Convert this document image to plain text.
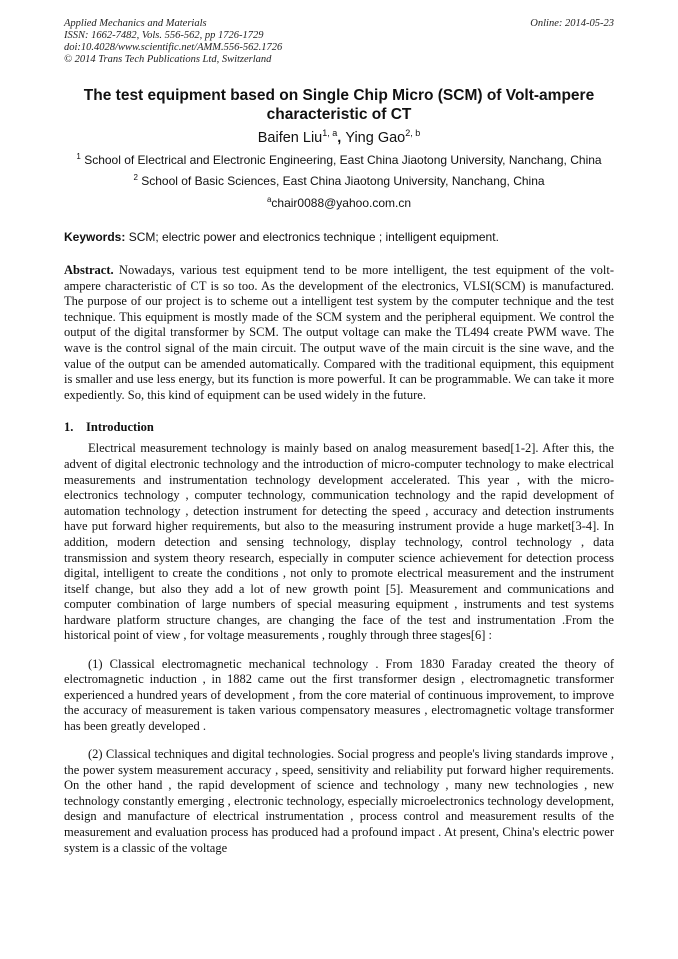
Applied Mechanics and Materials
ISSN: 1662-7482, Vols. 556-562, pp 1726-1729
doi:10.4028/www.scientific.net/AMM.556-562.1726
© 2014 Trans Tech Publications Ltd, Switzerland
Online: 2014-05-23
The test equipment based on Single Chip Micro (SCM) of Volt-ampere characteristic of CT
Baifen Liu$^{1, a}$, Ying Gao$^{2, b}$
$^1$ School of Electrical and Electronic Engineering, East China Jiaotong University, Nanchang, China
$^2$ School of Basic Sciences, East China Jiaotong University, Nanchang, China
$^a$chair0088@yahoo.com.cn
Keywords: SCM; electric power and electronics technique ; intelligent equipment.
Abstract. Nowadays, various test equipment tend to be more intelligent, the test equipment of the volt-ampere characteristic of CT is so too. As the development of the electronics, VLSI(SCM) is manufactured. The purpose of our project is to scheme out a intelligent test system by the computer technique and the test technique. This equipment is mostly made of the SCM system and the peripheral equipment. We control the output of the digital transformer by SCM. The output voltage can make the TL494 create PWM wave. The wave is the control signal of the main circuit. The output wave of the main circuit is the sine wave, and the value of the output can be amended automatically. Compared with the traditional equipment, this equipment is smaller and use less energy, but its function is more powerful. It can be programmable. We can take it more expediently. So, this kind of equipment can be used widely in the future.
1. Introduction

Electrical measurement technology is mainly based on analog measurement based[1-2]. After this, the advent of digital electronic technology and the introduction of micro-computer technology to make electrical measurements and instrumentation technology development accelerated. This year , with the micro-electronics technology , computer technology, communication technology and the rapid development of automation technology , detection instrument for detecting the speed , accuracy and detection instruments have put forward higher requirements, but also to the measuring instrument provide a huge market[3-4]. In addition, modern detection and sensing technology, display technology, control technology , data transmission and system theory research, especially in computer science achievement for detection process digital, intelligent to create the conditions , not only to promote electrical measurement and the instrument itself change, but also they add a lot of new growth point [5]. Measurement and communications and computer combination of large numbers of special measuring equipment , instruments and test systems hardware platform structure changes, are changing the face of the test and instrumentation .From the historical point of view , for voltage measurements , roughly through three stages[6] :

(1) Classical electromagnetic mechanical technology . From 1830 Faraday created the theory of electromagnetic induction , in 1882 came out the first transformer design , electromagnetic transformer experienced a hundred years of development , from the core material of continuous improvement, to improve the accuracy of measurement is taken various compensatory measures , electromagnetic voltage transformer has been greatly developed .

(2) Classical techniques and digital technologies. Social progress and people's living standards improve , the power system measurement accuracy , speed, sensitivity and reliability put forward higher requirements. On the other hand , the rapid development of science and technology , many new technologies , new technology constantly emerging , electronic technology, especially microelectronics technology development, design and manufacture of electrical instrumentation , process control and measurement results of the measurement and evaluation process has produced had a profound impact . At present, China's electric power system is a classic of the voltage
